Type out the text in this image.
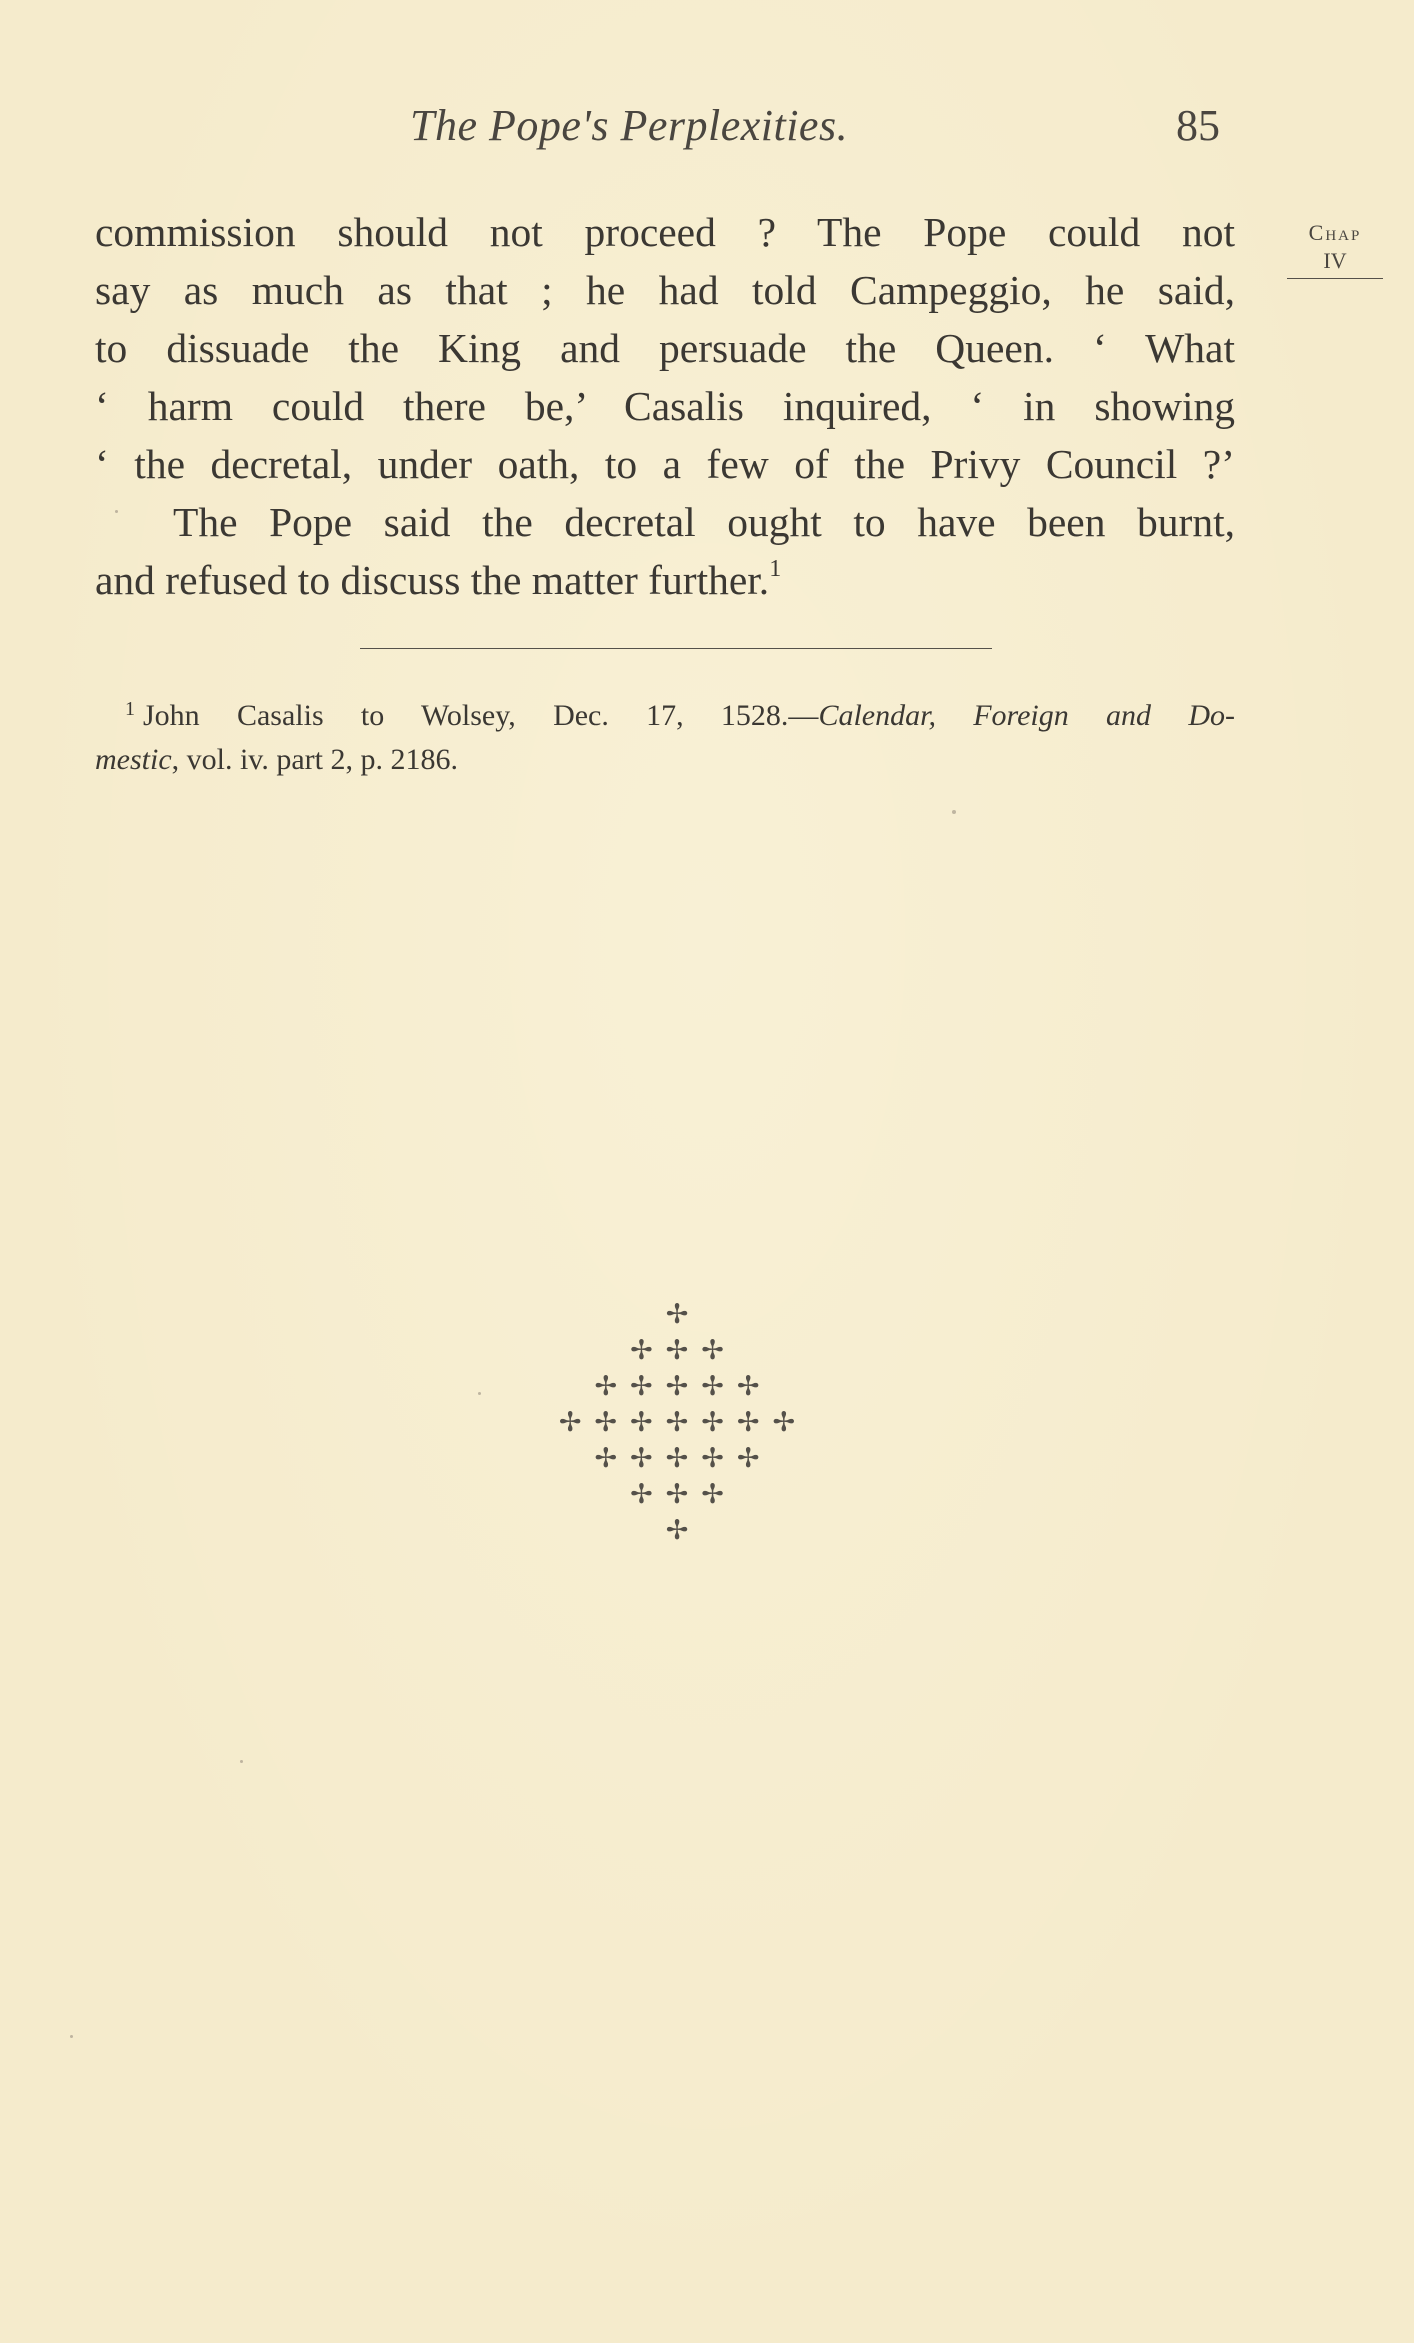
The Pope's Perplexities.	85
Chap
IV
commission should not proceed ? The Pope could not
say as much as that ; he had told Campeggio, he said,
to dissuade the King and persuade the Queen. ‘ What
‘ harm could there be,’ Casalis inquired, ‘ in showing
‘ the decretal, under oath, to a few of the Privy Council ?’
The Pope said the decretal ought to have been burnt,
and refused to discuss the matter further.$^1$
$^1$ John Casalis to Wolsey, Dec. 17, 1528.—Calendar, Foreign and Do-
mestic, vol. iv. part 2, p. 2186.
✢
✢✢✢
✢✢✢✢✢
✢✢✢✢✢✢✢
✢✢✢✢✢
✢✢✢
✢
